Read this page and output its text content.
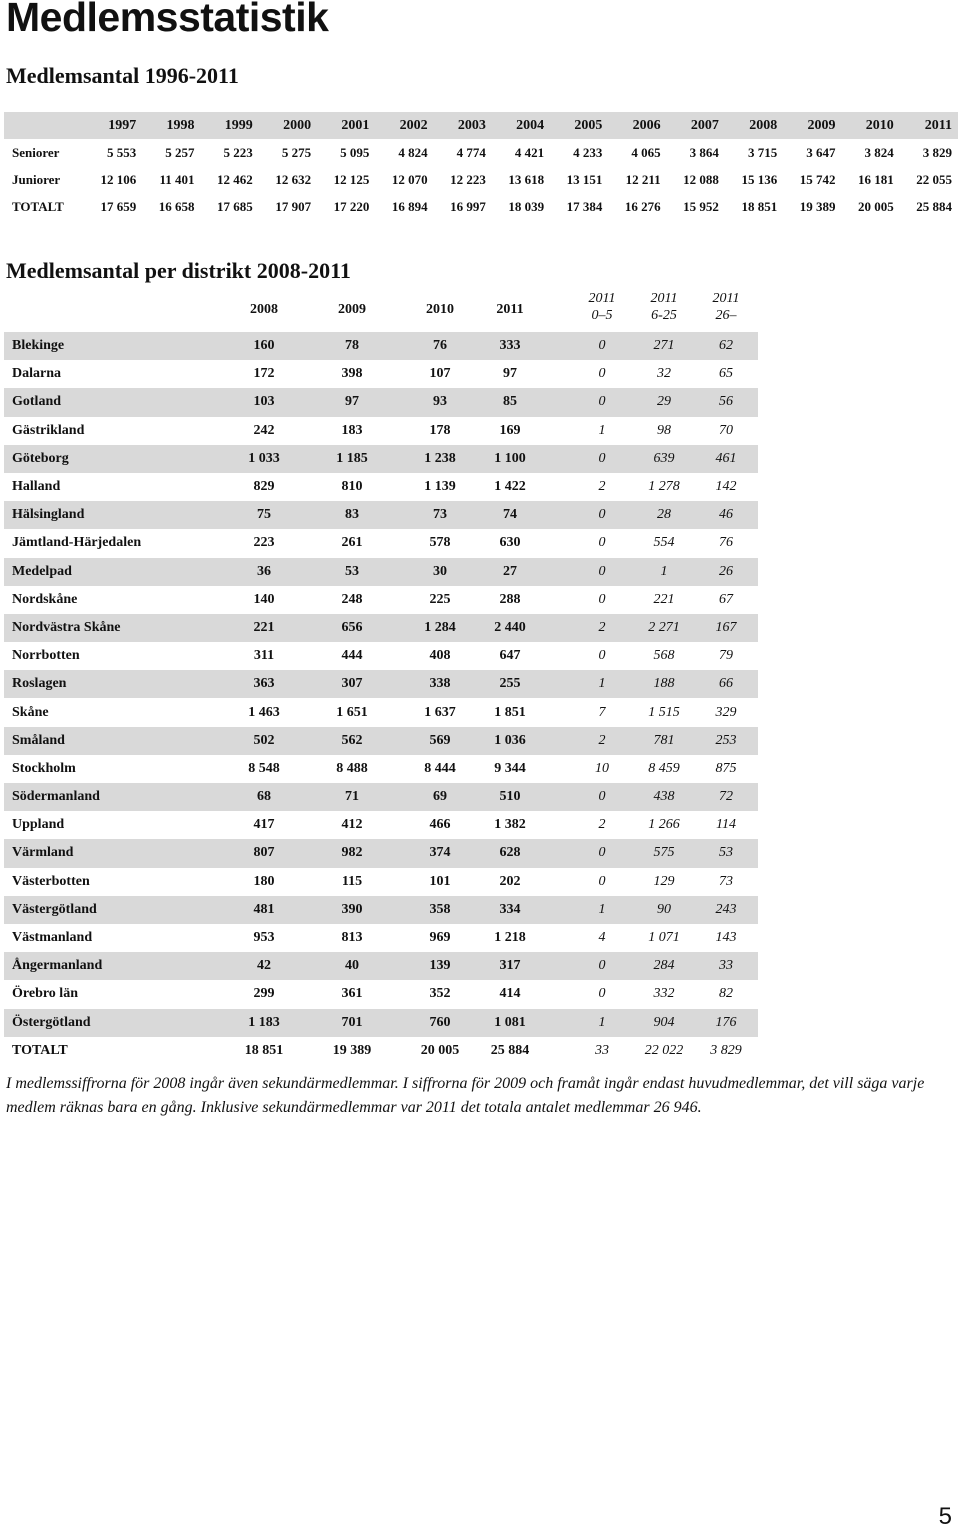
Medlemsstatistik
Medlemsantal 1996-2011
1997	1998	1999	2000	2001	2002	2003	2004	2005	2006	2007	2008	2009	2010	2011
Seniorer	5 553	5 257	5 223	5 275	5 095	4 824	4 774	4 421	4 233	4 065	3 864	3 715	3 647	3 824	3 829
Juniorer	12 106	11 401	12 462	12 632	12 125	12 070	12 223	13 618	13 151	12 211	12 088	15 136	15 742	16 181	22 055
TOTALT	17 659	16 658	17 685	17 907	17 220	16 894	16 997	18 039	17 384	16 276	15 952	18 851	19 389	20 005	25 884
Medlemsantal per distrikt 2008-2011
2008	2009	2010	2011
2011
0–5
2011
6-25
2011
26–
Blekinge	160	78	76	333	0	271	62
Dalarna	172	398	107	97	0	32	65
Gotland	103	97	93	85	0	29	56
Gästrikland	242	183	178	169	1	98	70
Göteborg	1 033	1 185	1 238	1 100	0	639	461
Halland	829	810	1 139	1 422	2	1 278	142
Hälsingland	75	83	73	74	0	28	46
Jämtland-Härjedalen	223	261	578	630	0	554	76
Medelpad	36	53	30	27	0	1	26
Nordskåne	140	248	225	288	0	221	67
Nordvästra Skåne	221	656	1 284	2 440	2	2 271	167
Norrbotten	311	444	408	647	0	568	79
Roslagen	363	307	338	255	1	188	66
Skåne	1 463	1 651	1 637	1 851	7	1 515	329
Småland	502	562	569	1 036	2	781	253
Stockholm	8 548	8 488	8 444	9 344	10	8 459	875
Södermanland	68	71	69	510	0	438	72
Uppland	417	412	466	1 382	2	1 266	114
Värmland	807	982	374	628	0	575	53
Västerbotten	180	115	101	202	0	129	73
Västergötland	481	390	358	334	1	90	243
Västmanland	953	813	969	1 218	4	1 071	143
Ångermanland	42	40	139	317	0	284	33
Örebro län	299	361	352	414	0	332	82
Östergötland	1 183	701	760	1 081	1	904	176
TOTALT	18 851	19 389	20 005	25 884	33	22 022	3 829

I medlemssiffrorna för 2008 ingår även sekundärmedlemmar. I siffrorna för 2009 och framåt ingår endast huvudmedlemmar, det vill säga varje medlem räknas bara en gång. Inklusive sekundärmedlemmar var 2011 det totala antalet medlemmar 26 946.

5
